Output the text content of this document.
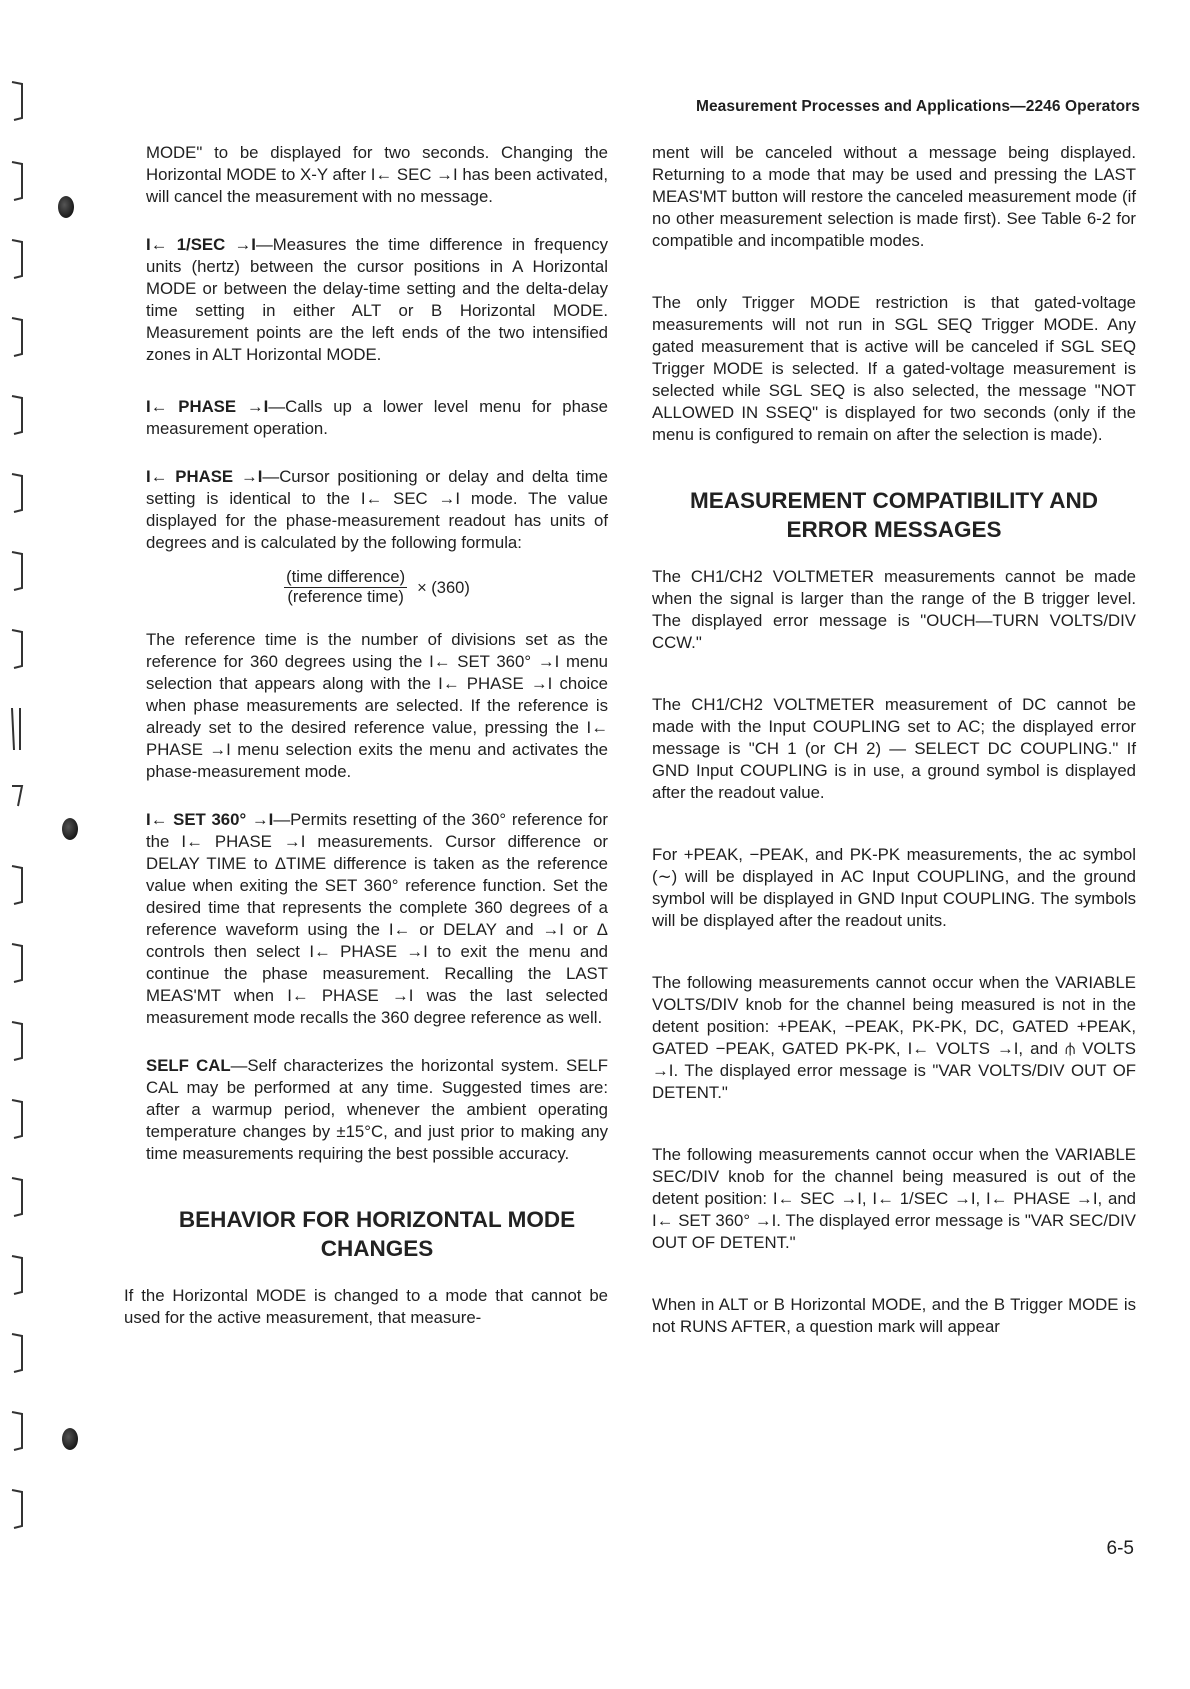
Measurement Processes and Applications—2246 Operators

MODE" to be displayed for two seconds. Changing the Horizontal MODE to X-Y after I← SEC →I has been activated, will cancel the measurement with no message.

I← 1/SEC →I—Measures the time difference in frequency units (hertz) between the cursor positions in A Horizontal MODE or between the delay-time setting and the delta-delay time setting in either ALT or B Horizontal MODE. Measurement points are the left ends of the two intensified zones in ALT Horizontal MODE.

I← PHASE →I—Calls up a lower level menu for phase measurement operation.

I← PHASE →I—Cursor positioning or delay and delta time setting is identical to the I← SEC →I mode. The value displayed for the phase-measurement readout has units of degrees and is calculated by the following formula:

$\frac{\text{(time difference)}}{\text{(reference time)}} \times (360)$

The reference time is the number of divisions set as the reference for 360 degrees using the I← SET 360° →I menu selection that appears along with the I← PHASE →I choice when phase measurements are selected. If the reference is already set to the desired reference value, pressing the I← PHASE →I menu selection exits the menu and activates the phase-measurement mode.

I← SET 360° →I—Permits resetting of the 360° reference for the I← PHASE →I measurements. Cursor difference or DELAY TIME to ΔTIME difference is taken as the reference value when exiting the SET 360° reference function. Set the desired time that represents the complete 360 degrees of a reference waveform using the I← or DELAY and →I or Δ controls then select I← PHASE →I to exit the menu and continue the phase measurement. Recalling the LAST MEAS'MT when I← PHASE →I was the last selected measurement mode recalls the 360 degree reference as well.

SELF CAL—Self characterizes the horizontal system. SELF CAL may be performed at any time. Suggested times are: after a warmup period, whenever the ambient operating temperature changes by ±15°C, and just prior to making any time measurements requiring the best possible accuracy.

BEHAVIOR FOR HORIZONTAL MODE CHANGES

If the Horizontal MODE is changed to a mode that cannot be used for the active measurement, that measure-

ment will be canceled without a message being displayed. Returning to a mode that may be used and pressing the LAST MEAS'MT button will restore the canceled measurement mode (if no other measurement selection is made first). See Table 6-2 for compatible and incompatible modes.

The only Trigger MODE restriction is that gated-voltage measurements will not run in SGL SEQ Trigger MODE. Any gated measurement that is active will be canceled if SGL SEQ Trigger MODE is selected. If a gated-voltage measurement is selected while SGL SEQ is also selected, the message "NOT ALLOWED IN SSEQ" is displayed for two seconds (only if the menu is configured to remain on after the selection is made).

MEASUREMENT COMPATIBILITY AND ERROR MESSAGES

The CH1/CH2 VOLTMETER measurements cannot be made when the signal is larger than the range of the B trigger level. The displayed error message is "OUCH—TURN VOLTS/DIV CCW."

The CH1/CH2 VOLTMETER measurement of DC cannot be made with the Input COUPLING set to AC; the displayed error message is "CH 1 (or CH 2) — SELECT DC COUPLING." If GND Input COUPLING is in use, a ground symbol is displayed after the readout value.

For +PEAK, −PEAK, and PK-PK measurements, the ac symbol (∼) will be displayed in AC Input COUPLING, and the ground symbol will be displayed in GND Input COUPLING. The symbols will be displayed after the readout units.

The following measurements cannot occur when the VARIABLE VOLTS/DIV knob for the channel being measured is not in the detent position: +PEAK, −PEAK, PK-PK, DC, GATED +PEAK, GATED −PEAK, GATED PK-PK, I← VOLTS →I, and ⫛ VOLTS →I. The displayed error message is "VAR VOLTS/DIV OUT OF DETENT."

The following measurements cannot occur when the VARIABLE SEC/DIV knob for the channel being measured is out of the detent position: I← SEC →I, I← 1/SEC →I, I← PHASE →I, and I← SET 360° →I. The displayed error message is "VAR SEC/DIV OUT OF DETENT."

When in ALT or B Horizontal MODE, and the B Trigger MODE is not RUNS AFTER, a question mark will appear

6-5
